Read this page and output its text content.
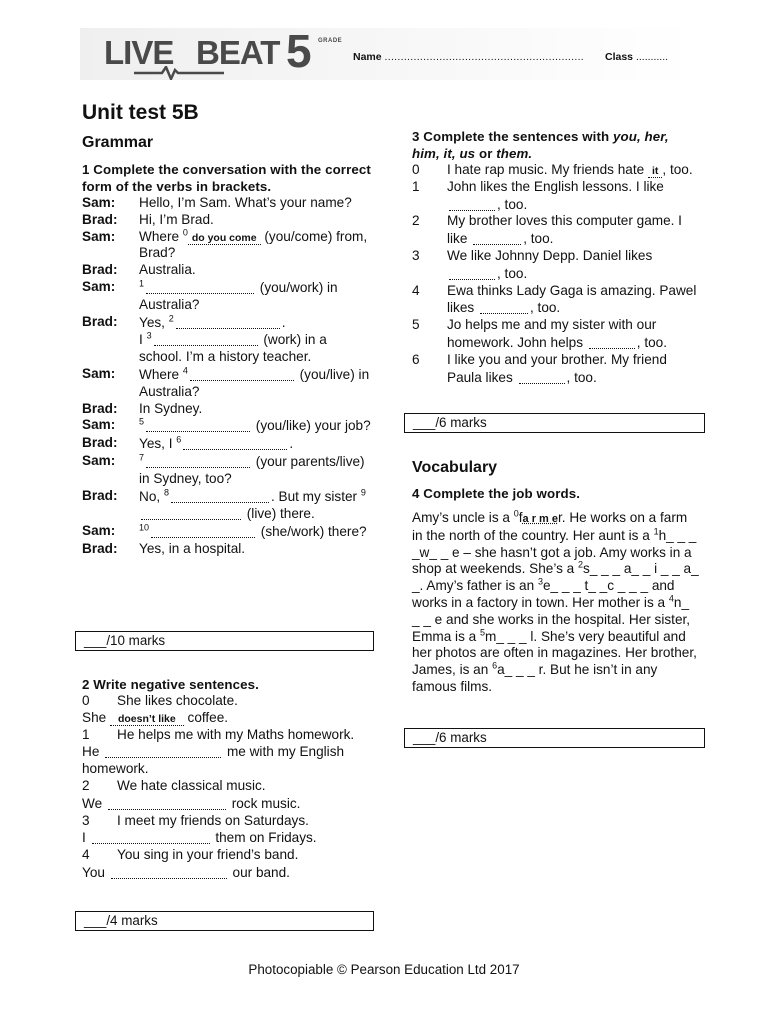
LIVE BEAT 5 GRADE
Name .............................................................. Class ...........
Unit test 5B
Grammar
1 Complete the conversation with the correct form of the verbs in brackets.
Sam:	Hello, I’m Sam. What’s your name?
Brad:	Hi, I’m Brad.
Sam:	Where $^0$ do you come (you/come) from, Brad?
Brad:	Australia.
Sam:	$^1$	(you/work) in Australia?
Brad:	Yes, $^2$	.
I $^3$	(work) in a school. I’m a history teacher.
Sam:	Where $^4$	(you/live) in Australia?
Brad:	In Sydney.
Sam:	$^5$	(you/like) your job?
Brad:	Yes, I $^6$	.
Sam:	$^7$	(your parents/live) in Sydney, too?
Brad:	No, $^8$	. But my sister $^9$ (live) there.
Sam:	$^{10}$	(she/work) there?
Brad:	Yes, in a hospital.
___/10 marks
2 Write negative sentences.
0	She likes chocolate.
She doesn’t like coffee.
1	He helps me with my Maths homework.
He	me with my English homework.
2	We hate classical music.
We	rock music.
3	I meet my friends on Saturdays.
I	them on Fridays.
4	You sing in your friend’s band.
You	our band.
___/4 marks
3 Complete the sentences with you, her, him, it, us or them.
0	I hate rap music. My friends hate it , too.
1	John likes the English lessons. I like , too.
2	My brother loves this computer game. I like	, too.
3	We like Johnny Depp. Daniel likes , too.
4	Ewa thinks Lady Gaga is amazing. Pawel likes	, too.
5	Jo helps me and my sister with our homework. John helps	, too.
6	I like you and your brother. My friend Paula likes	, too.
___/6 marks
Vocabulary
4 Complete the job words.
Amy’s uncle is a $^0$fa r m er. He works on a farm in the north of the country. Her aunt is a $^1$h_ _ _ _w_ _ e – she hasn’t got a job. Amy works in a shop at weekends. She’s a $^2$s_ _ _ a_ _ i _ _ a_ _. Amy’s father is an $^3$e_ _ _ t_ _c _ _ _ and works in a factory in town. Her mother is a $^4$n_ _ _ e and she works in the hospital. Her sister, Emma is a $^5$m_ _ _ l. She’s very beautiful and her photos are often in magazines. Her brother, James, is an $^6$a_ _ _ r. But he isn’t in any famous films.
___/6 marks
Photocopiable © Pearson Education Ltd 2017
